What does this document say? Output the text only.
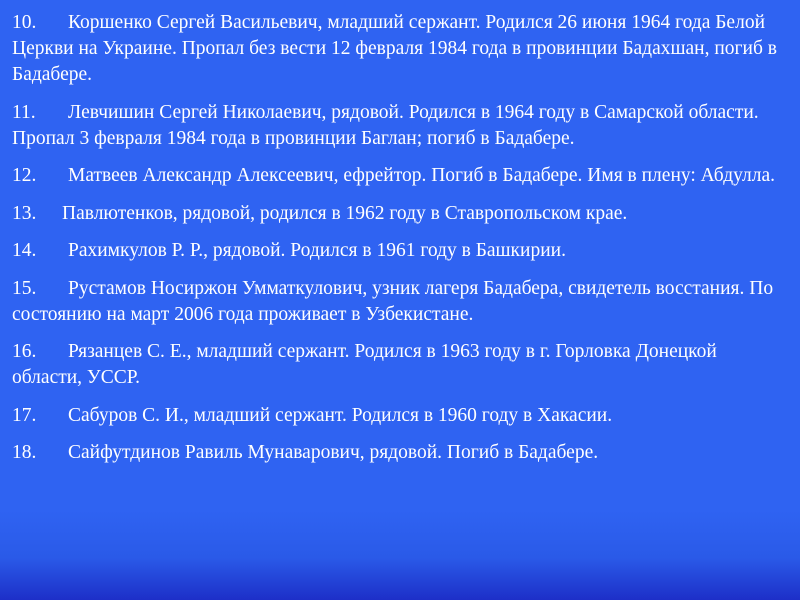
10. Коршенко Сергей Васильевич, младший сержант. Родился 26 июня 1964 года Белой Церкви на Украине. Пропал без вести 12 февраля 1984 года в провинции Бадахшан, погиб в Бадабере.

11. Левчишин Сергей Николаевич, рядовой. Родился в 1964 году в Самарской области. Пропал 3 февраля 1984 года в провинции Баглан; погиб в Бадабере.

12. Матвеев Александр Алексеевич, ефрейтор. Погиб в Бадабере. Имя в плену: Абдулла.

13. Павлютенков, рядовой, родился в 1962 году в Ставропольском крае.

14. Рахимкулов Р. Р., рядовой. Родился в 1961 году в Башкирии.

15. Рустамов Носиржон Умматкулович, узник лагеря Бадабера, свидетель восстания. По состоянию на март 2006 года проживает в Узбекистане.

16. Рязанцев С. Е., младший сержант. Родился в 1963 году в г. Горловка Донецкой области, УССР.

17. Сабуров С. И., младший сержант. Родился в 1960 году в Хакасии.

18. Сайфутдинов Равиль Мунаварович, рядовой. Погиб в Бадабере.
